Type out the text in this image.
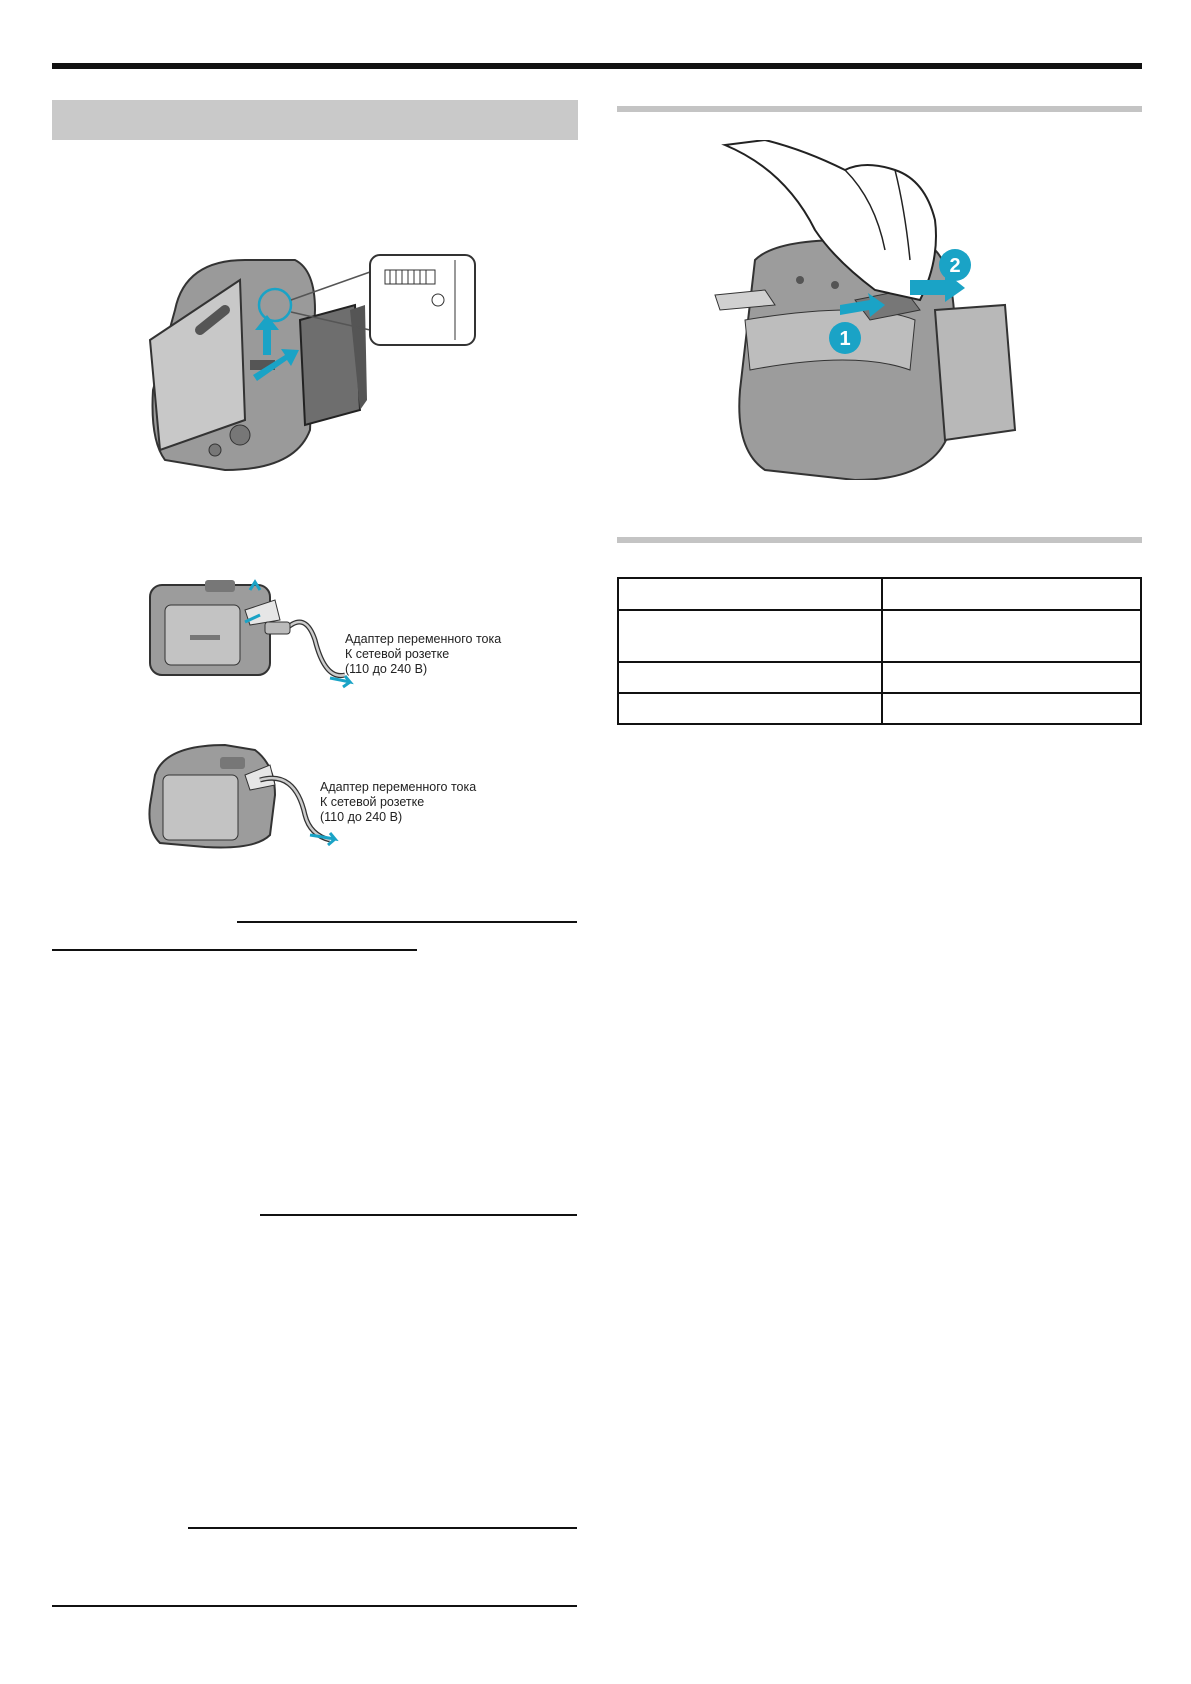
Адаптер переменного тока
К сетевой розетке
(110 до 240 В)
Адаптер переменного тока
К сетевой розетке
(110 до 240 В)
1
2
